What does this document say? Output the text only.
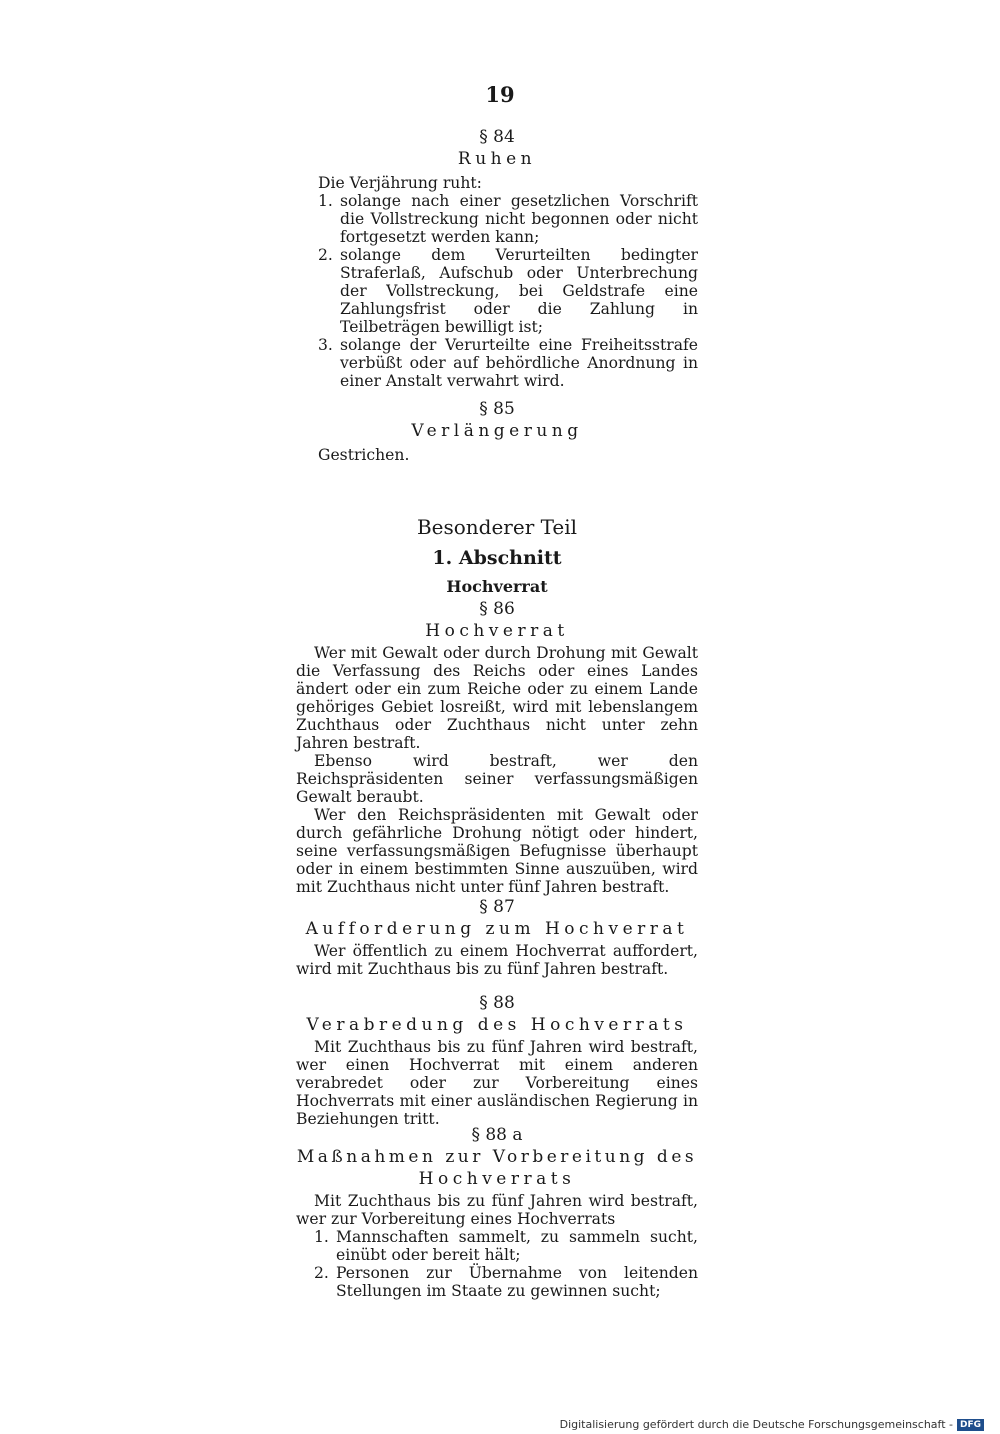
19

§ 84

Ruhen

Die Verjährung ruht:

1. solange nach einer gesetzlichen Vorschrift die Vollstreckung nicht begonnen oder nicht fortgesetzt werden kann;
2. solange dem Verurteilten bedingter Straferlaß, Aufschub oder Unterbrechung der Vollstreckung, bei Geldstrafe eine Zahlungsfrist oder die Zahlung in Teilbeträgen bewilligt ist;
3. solange der Verurteilte eine Freiheitsstrafe verbüßt oder auf behördliche Anordnung in einer Anstalt verwahrt wird.

§ 85

Verlängerung

Gestrichen.

Besonderer Teil

1. Abschnitt

Hochverrat

§ 86

Hochverrat

Wer mit Gewalt oder durch Drohung mit Gewalt die Verfassung des Reichs oder eines Landes ändert oder ein zum Reiche oder zu einem Lande gehöriges Gebiet losreißt, wird mit lebenslangem Zuchthaus oder Zuchthaus nicht unter zehn Jahren bestraft.

Ebenso wird bestraft, wer den Reichspräsidenten seiner verfassungsmäßigen Gewalt beraubt.

Wer den Reichspräsidenten mit Gewalt oder durch gefährliche Drohung nötigt oder hindert, seine verfassungsmäßigen Befugnisse überhaupt oder in einem bestimmten Sinne auszuüben, wird mit Zuchthaus nicht unter fünf Jahren bestraft.

§ 87

Aufforderung zum Hochverrat

Wer öffentlich zu einem Hochverrat auffordert, wird mit Zuchthaus bis zu fünf Jahren bestraft.

§ 88

Verabredung des Hochverrats

Mit Zuchthaus bis zu fünf Jahren wird bestraft, wer einen Hochverrat mit einem anderen verabredet oder zur Vorbereitung eines Hochverrats mit einer ausländischen Regierung in Beziehungen tritt.

§ 88 a

Maßnahmen zur Vorbereitung des

Hochverrats

Mit Zuchthaus bis zu fünf Jahren wird bestraft, wer zur Vorbereitung eines Hochverrats

1. Mannschaften sammelt, zu sammeln sucht, einübt oder bereit hält;
2. Personen zur Übernahme von leitenden Stellungen im Staate zu gewinnen sucht;
Digitalisierung gefördert durch die Deutsche Forschungsgemeinschaft - DFG
